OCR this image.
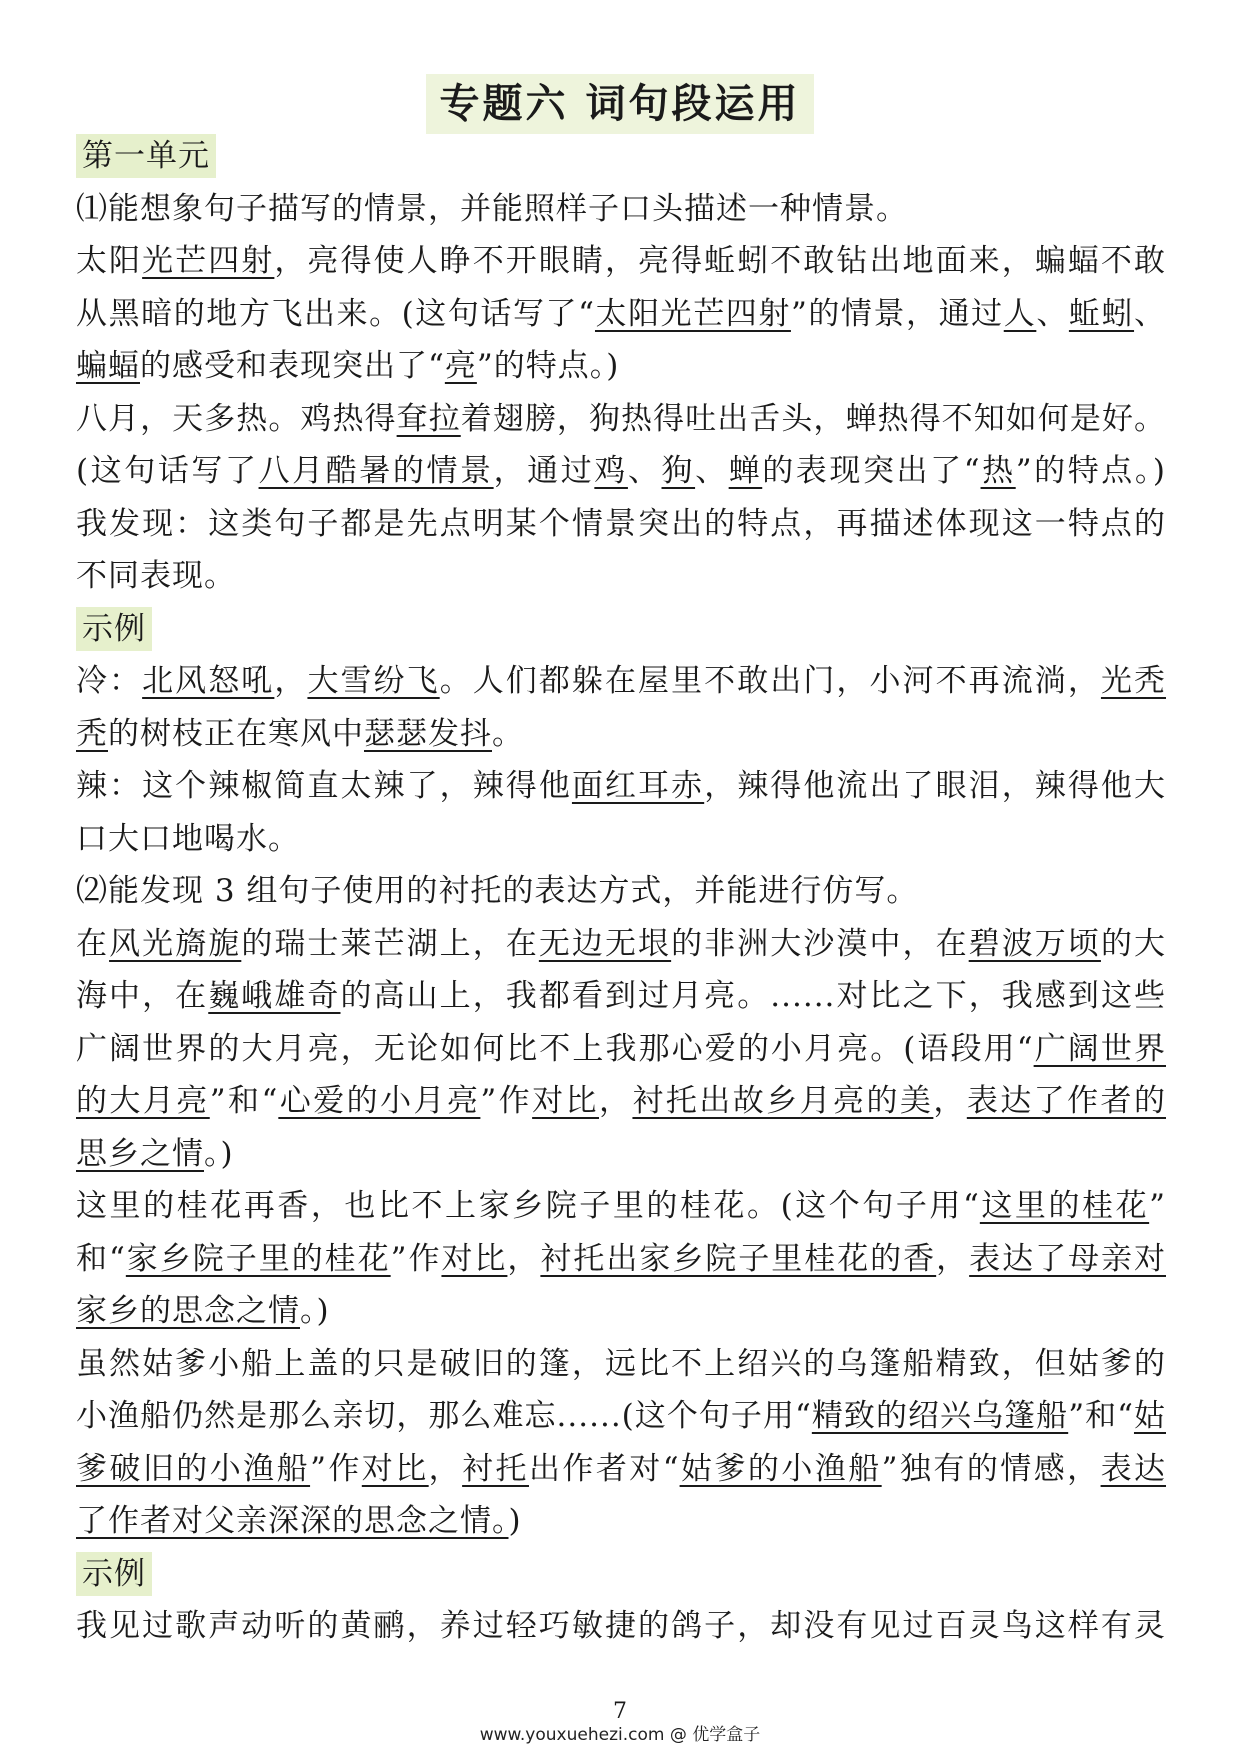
专题六 词句段运用
第一单元
⑴能想象句子描写的情景，并能照样子口头描述一种情景。
太阳光芒四射，亮得使人睁不开眼睛，亮得蚯蚓不敢钻出地面来，蝙蝠不敢
从黑暗的地方飞出来。(这句话写了“太阳光芒四射”的情景，通过人、蚯蚓、
蝙蝠的感受和表现突出了“亮”的特点。)
八月，天多热。鸡热得耷拉着翅膀，狗热得吐出舌头，蝉热得不知如何是好。
(这句话写了八月酷暑的情景，通过鸡、狗、蝉的表现突出了“热”的特点。)
我发现：这类句子都是先点明某个情景突出的特点，再描述体现这一特点的
不同表现。
示例
冷：北风怒吼，大雪纷飞。人们都躲在屋里不敢出门，小河不再流淌，光秃
秃的树枝正在寒风中瑟瑟发抖。
辣：这个辣椒简直太辣了，辣得他面红耳赤，辣得他流出了眼泪，辣得他大
口大口地喝水。
⑵能发现 3 组句子使用的衬托的表达方式，并能进行仿写。
在风光旖旎的瑞士莱芒湖上，在无边无垠的非洲大沙漠中，在碧波万顷的大
海中，在巍峨雄奇的高山上，我都看到过月亮。......对比之下，我感到这些
广阔世界的大月亮，无论如何比不上我那心爱的小月亮。(语段用“广阔世界
的大月亮”和“心爱的小月亮”作对比，衬托出故乡月亮的美，表达了作者的
思乡之情。)
这里的桂花再香，也比不上家乡院子里的桂花。(这个句子用“这里的桂花”
和“家乡院子里的桂花”作对比，衬托出家乡院子里桂花的香，表达了母亲对
家乡的思念之情。)
虽然姑爹小船上盖的只是破旧的篷，远比不上绍兴的乌篷船精致，但姑爹的
小渔船仍然是那么亲切，那么难忘......(这个句子用“精致的绍兴乌篷船”和“姑
爹破旧的小渔船”作对比，衬托出作者对“姑爹的小渔船”独有的情感，表达
了作者对父亲深深的思念之情。)
示例
我见过歌声动听的黄鹂，养过轻巧敏捷的鸽子，却没有见过百灵鸟这样有灵
7
www.youxuehezi.com @ 优学盒子
